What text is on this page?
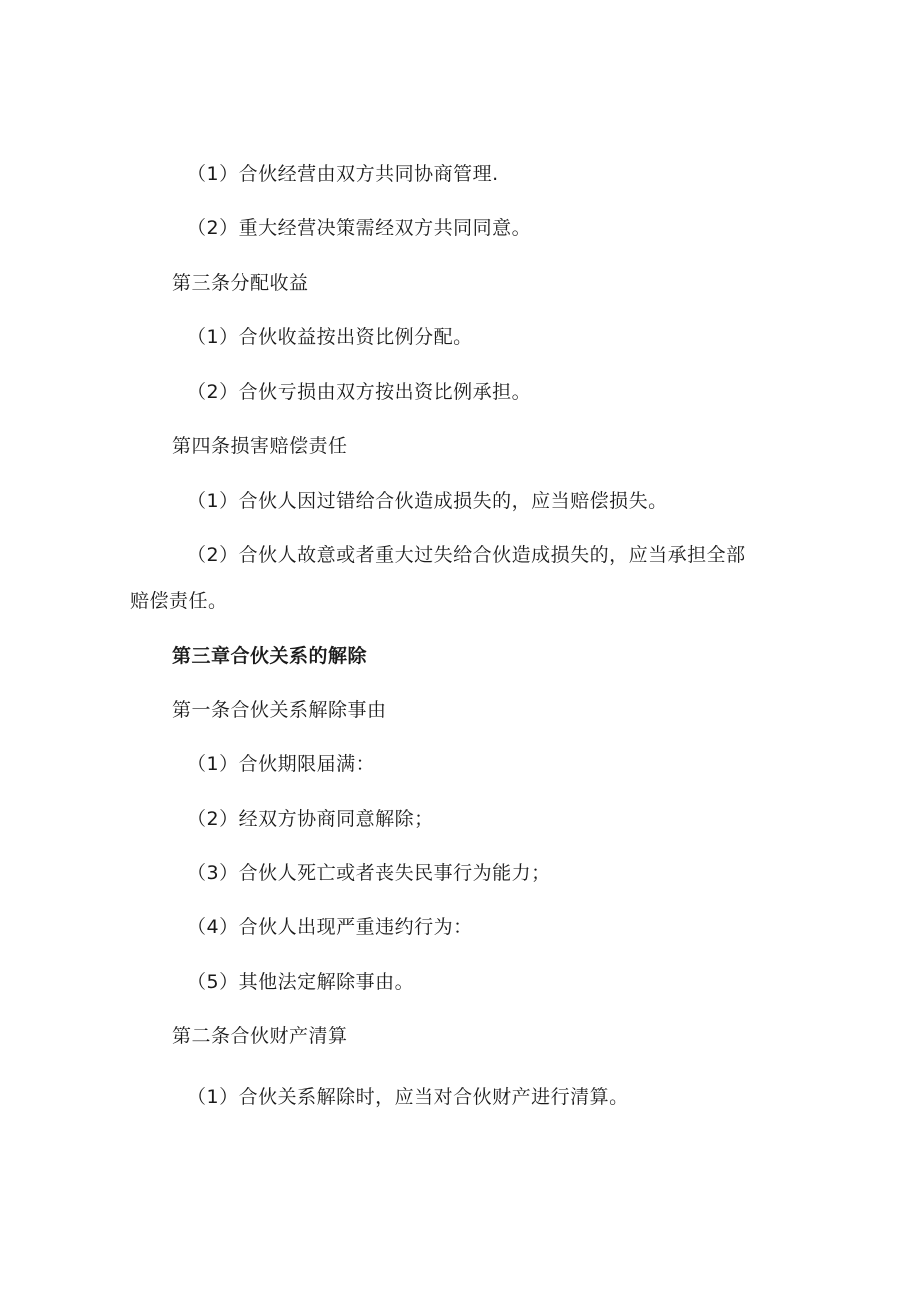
（1）合伙经营由双方共同协商管理.
（2）重大经营决策需经双方共同同意。
第三条分配收益
（1）合伙收益按出资比例分配。
（2）合伙亏损由双方按出资比例承担。
第四条损害赔偿责任
（1）合伙人因过错给合伙造成损失的，应当赔偿损失。
（2）合伙人故意或者重大过失给合伙造成损失的，应当承担全部
赔偿责任。
第三章合伙关系的解除
第一条合伙关系解除事由
（1）合伙期限届满：
（2）经双方协商同意解除；
（3）合伙人死亡或者丧失民事行为能力；
（4）合伙人出现严重违约行为：
（5）其他法定解除事由。
第二条合伙财产清算
（1）合伙关系解除时，应当对合伙财产进行清算。
